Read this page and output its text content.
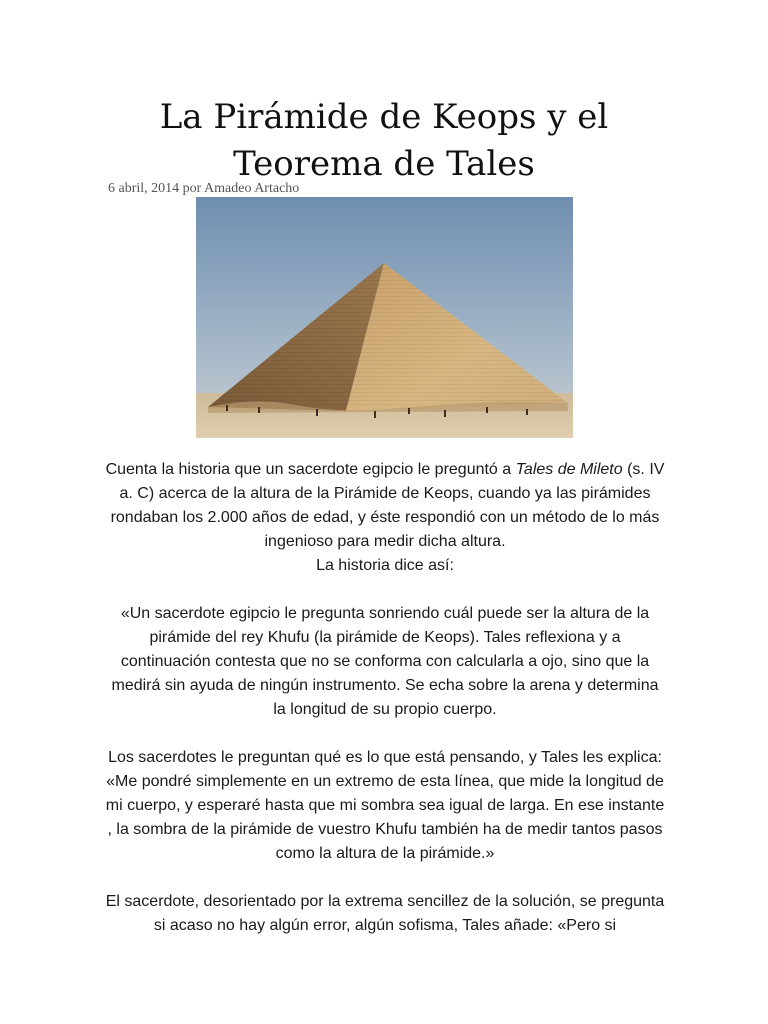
La Pirámide de Keops y el Teorema de Tales
6 abril, 2014 por Amadeo Artacho

Cuenta la historia que un sacerdote egipcio le preguntó a Tales de Mileto (s. IV a. C) acerca de la altura de la Pirámide de Keops, cuando ya las pirámides rondaban los 2.000 años de edad, y éste respondió con un método de lo más ingenioso para medir dicha altura.

La historia dice así:

«Un sacerdote egipcio le pregunta sonriendo cuál puede ser la altura de la pirámide del rey Khufu (la pirámide de Keops). Tales reflexiona y a continuación contesta que no se conforma con calcularla a ojo, sino que la medirá sin ayuda de ningún instrumento. Se echa sobre la arena y determina la longitud de su propio cuerpo.

Los sacerdotes le preguntan qué es lo que está pensando, y Tales les explica: «Me pondré simplemente en un extremo de esta línea, que mide la longitud de mi cuerpo, y esperaré hasta que mi sombra sea igual de larga. En ese instante , la sombra de la pirámide de vuestro Khufu también ha de medir tantos pasos como la altura de la pirámide.»

El sacerdote, desorientado por la extrema sencillez de la solución, se pregunta si acaso no hay algún error, algún sofisma, Tales añade: «Pero si
